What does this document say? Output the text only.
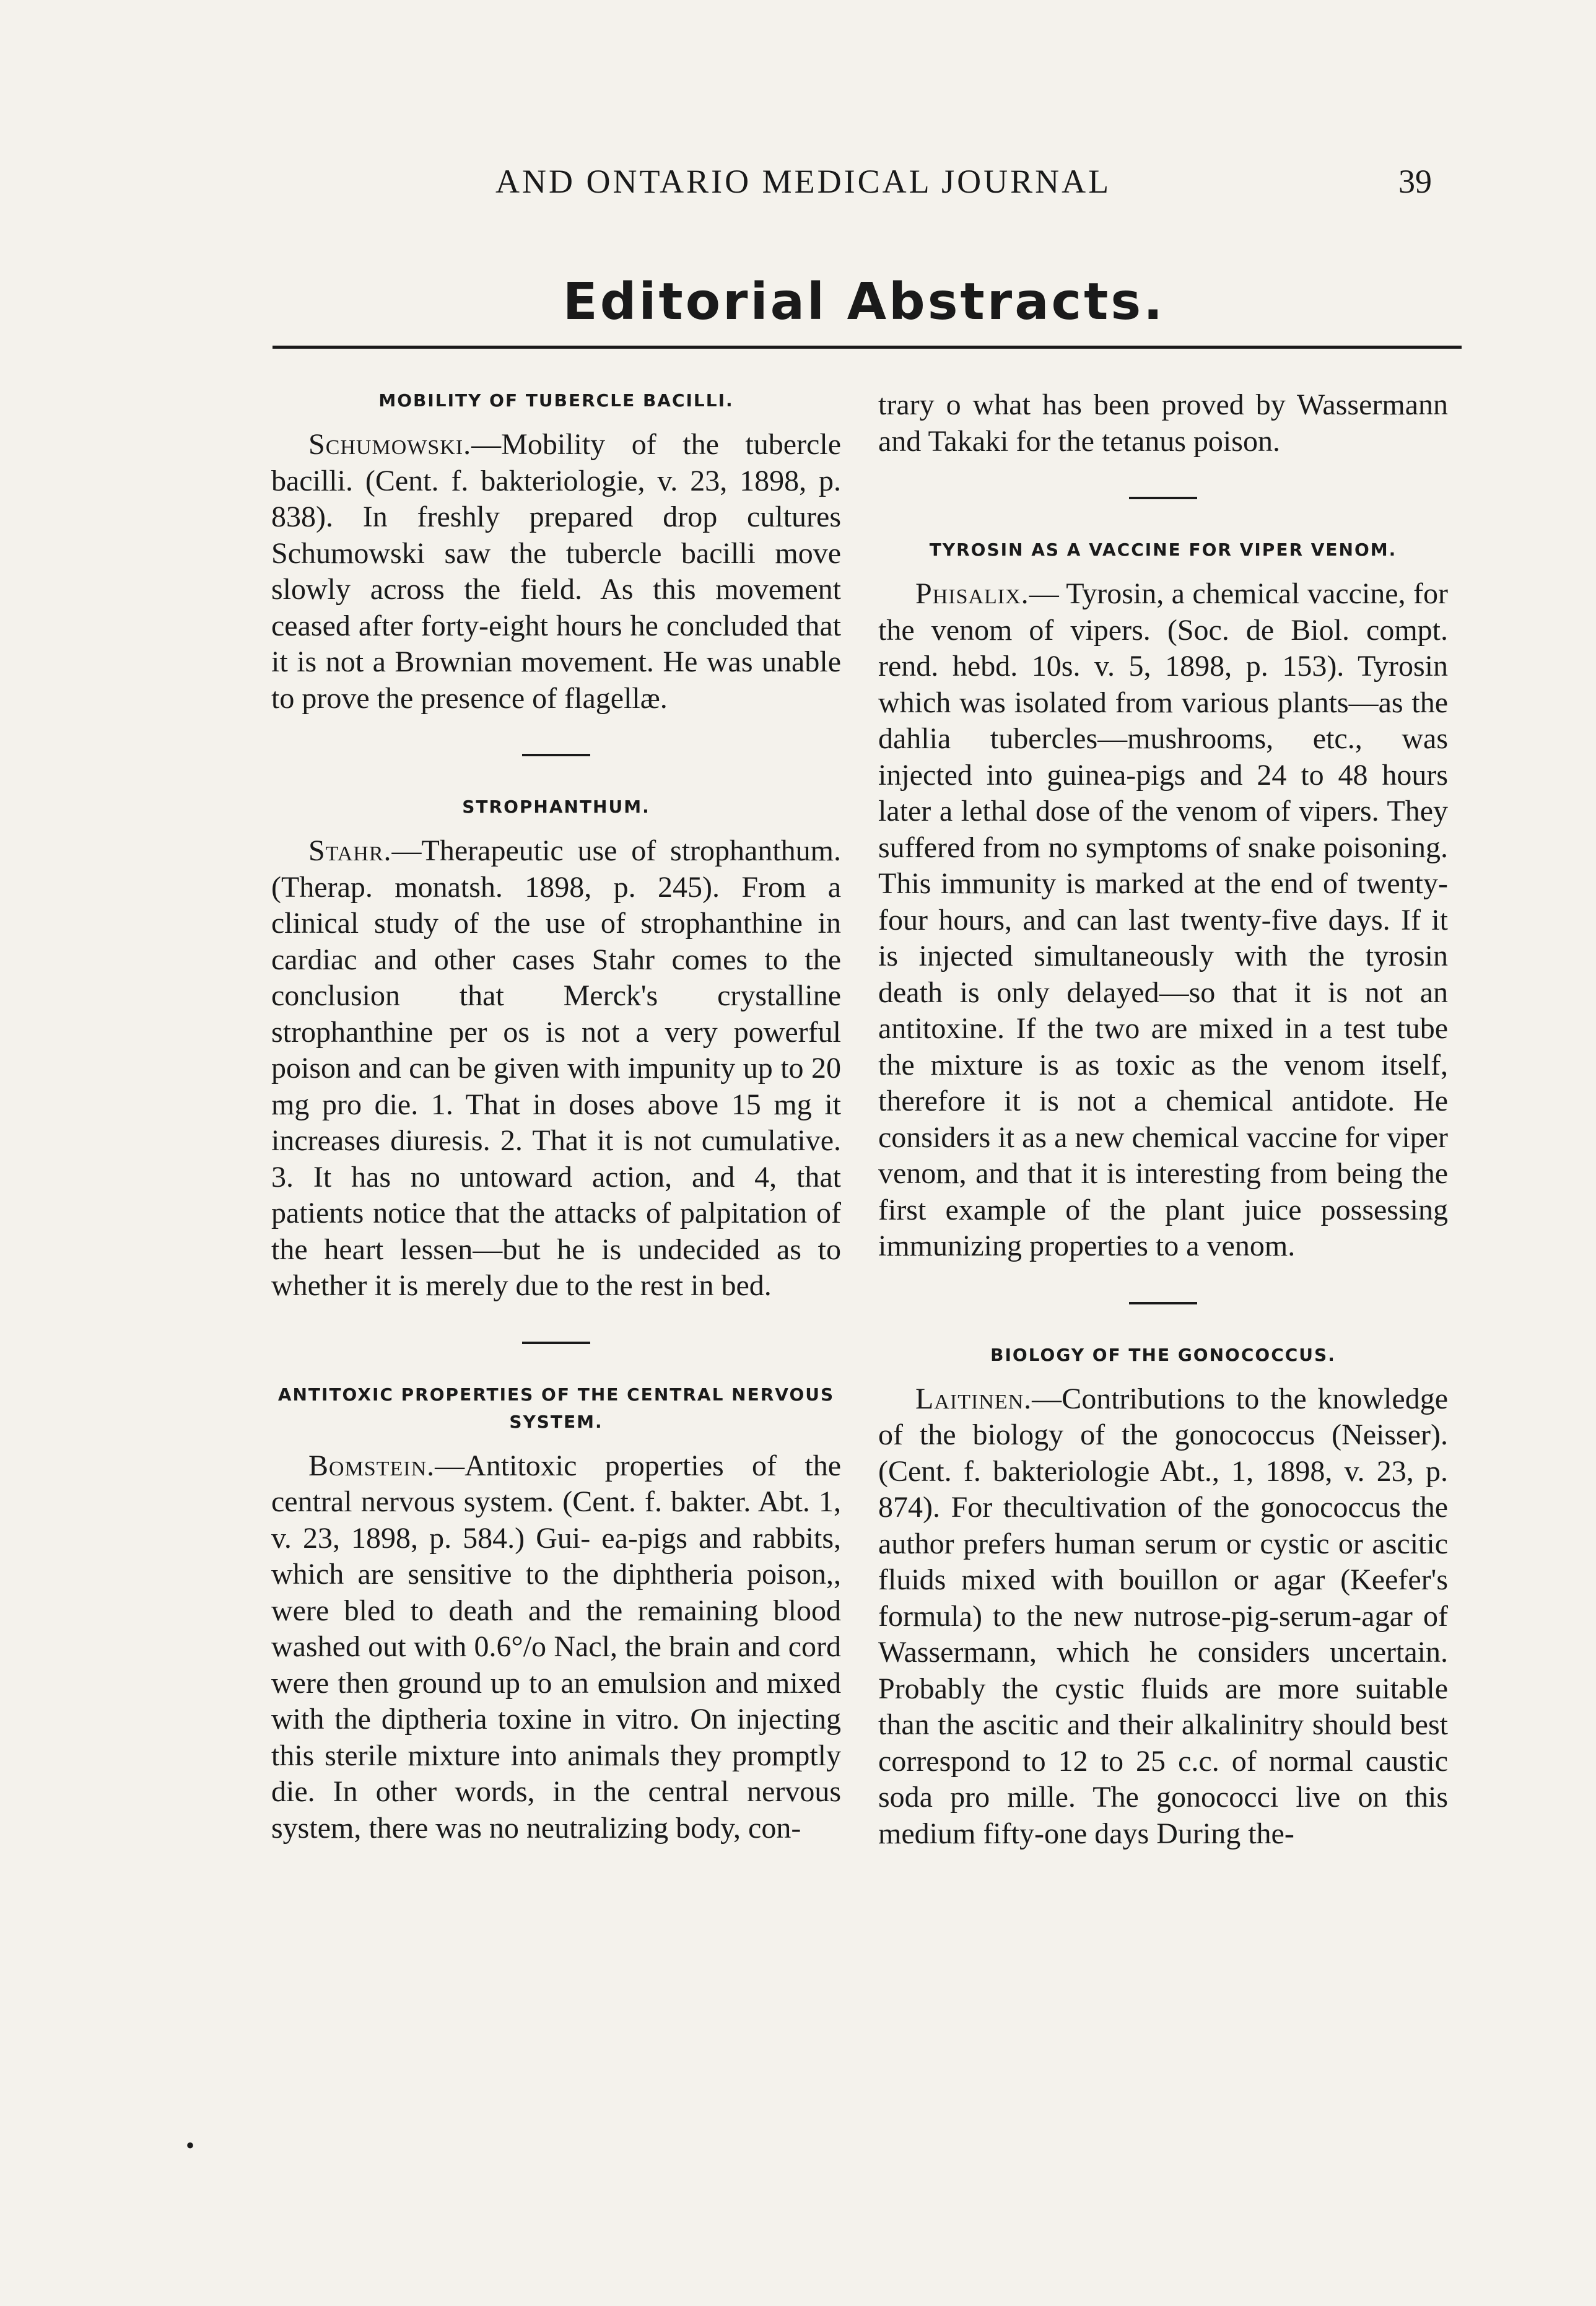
AND ONTARIO MEDICAL JOURNAL	39
Editorial Abstracts.
MOBILITY OF TUBERCLE BACILLI.

Schumowski.—Mobility of the tubercle bacilli. (Cent. f. bakteriologie, v. 23, 1898, p. 838). In freshly prepared drop cultures Schumowski saw the tubercle bacilli move slowly across the field. As this movement ceased after forty-eight hours he concluded that it is not a Brownian movement. He was unable to prove the presence of flagellæ.

STROPHANTHUM.

Stahr.—Therapeutic use of strophanthum. (Therap. monatsh. 1898, p. 245). From a clinical study of the use of strophanthine in cardiac and other cases Stahr comes to the conclusion that Merck's crystalline strophanthine per os is not a very powerful poison and can be given with impunity up to 20 mg pro die. 1. That in doses above 15 mg it increases diuresis. 2. That it is not cumulative. 3. It has no untoward action, and 4, that patients notice that the attacks of palpitation of the heart lessen—but he is undecided as to whether it is merely due to the rest in bed.

ANTITOXIC PROPERTIES OF THE CENTRAL NERVOUS SYSTEM.

Bomstein.—Antitoxic properties of the central nervous system. (Cent. f. bakter. Abt. 1, v. 23, 1898, p. 584.) Gui- ea-pigs and rabbits, which are sensitive to the diphtheria poison,, were bled to death and the remaining blood washed out with 0.6°/o Nacl, the brain and cord were then ground up to an emulsion and mixed with the diptheria toxine in vitro. On injecting this sterile mixture into animals they promptly die. In other words, in the central nervous system, there was no neutralizing body, con-

trary o what has been proved by Wassermann and Takaki for the tetanus poison.

TYROSIN AS A VACCINE FOR VIPER VENOM.

Phisalix.— Tyrosin, a chemical vaccine, for the venom of vipers. (Soc. de Biol. compt. rend. hebd. 10s. v. 5, 1898, p. 153). Tyrosin which was isolated from various plants—as the dahlia tubercles—mushrooms, etc., was injected into guinea-pigs and 24 to 48 hours later a lethal dose of the venom of vipers. They suffered from no symptoms of snake poisoning. This immunity is marked at the end of twenty-four hours, and can last twenty-five days. If it is injected simultaneously with the tyrosin death is only delayed—so that it is not an antitoxine. If the two are mixed in a test tube the mixture is as toxic as the venom itself, therefore it is not a chemical antidote. He considers it as a new chemical vaccine for viper venom, and that it is interesting from being the first example of the plant juice possessing immunizing properties to a venom.

BIOLOGY OF THE GONOCOCCUS.

Laitinen.—Contributions to the knowledge of the biology of the gonococcus (Neisser). (Cent. f. bakteriologie Abt., 1, 1898, v. 23, p. 874). For thecultivation of the gonococcus the author prefers human serum or cystic or ascitic fluids mixed with bouillon or agar (Keefer's formula) to the new nutrose-pig-serum-agar of Wassermann, which he considers uncertain. Probably the cystic fluids are more suitable than the ascitic and their alkalinitry should best correspond to 12 to 25 c.c. of normal caustic soda pro mille. The gonococci live on this medium fifty-one days During the-

•
